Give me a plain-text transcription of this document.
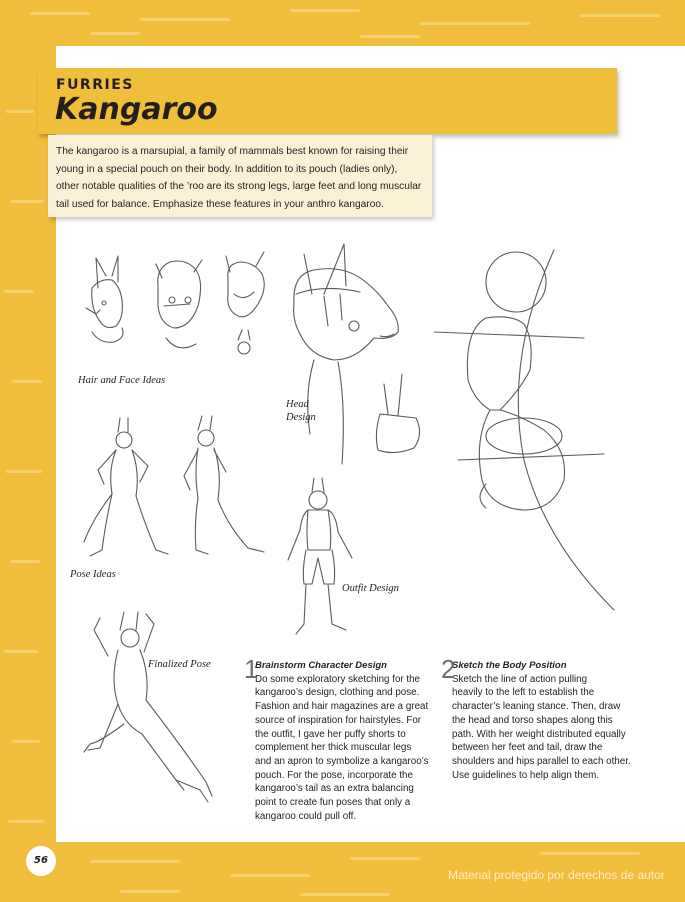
FURRIES
Kangaroo
The kangaroo is a marsupial, a family of mammals best known for raising their
young in a special pouch on their body. In addition to its pouch (ladies only),
other notable qualities of the ’roo are its strong legs, large feet and long muscular
tail used for balance. Emphasize these features in your anthro kangaroo.
Hair and Face Ideas
Head
Design
Pose Ideas
Outfit Design
Finalized Pose 1
Brainstorm Character Design
Do some exploratory sketching for the
kangaroo’s design, clothing and pose.
Fashion and hair magazines are a great
source of inspiration for hairstyles. For
the outfit, I gave her puffy shorts to
complement her thick muscular legs
and an apron to symbolize a kangaroo’s
pouch. For the pose, incorporate the
kangaroo’s tail as an extra balancing
point to create fun poses that only a
kangaroo could pull off.
2
Sketch the Body Position
Sketch the line of action pulling
heavily to the left to establish the
character’s leaning stance. Then, draw
the head and torso shapes along this
path. With her weight distributed equally
between her feet and tail, draw the
shoulders and hips parallel to each other.
Use guidelines to help align them.
56
Material protegido por derechos de autor
